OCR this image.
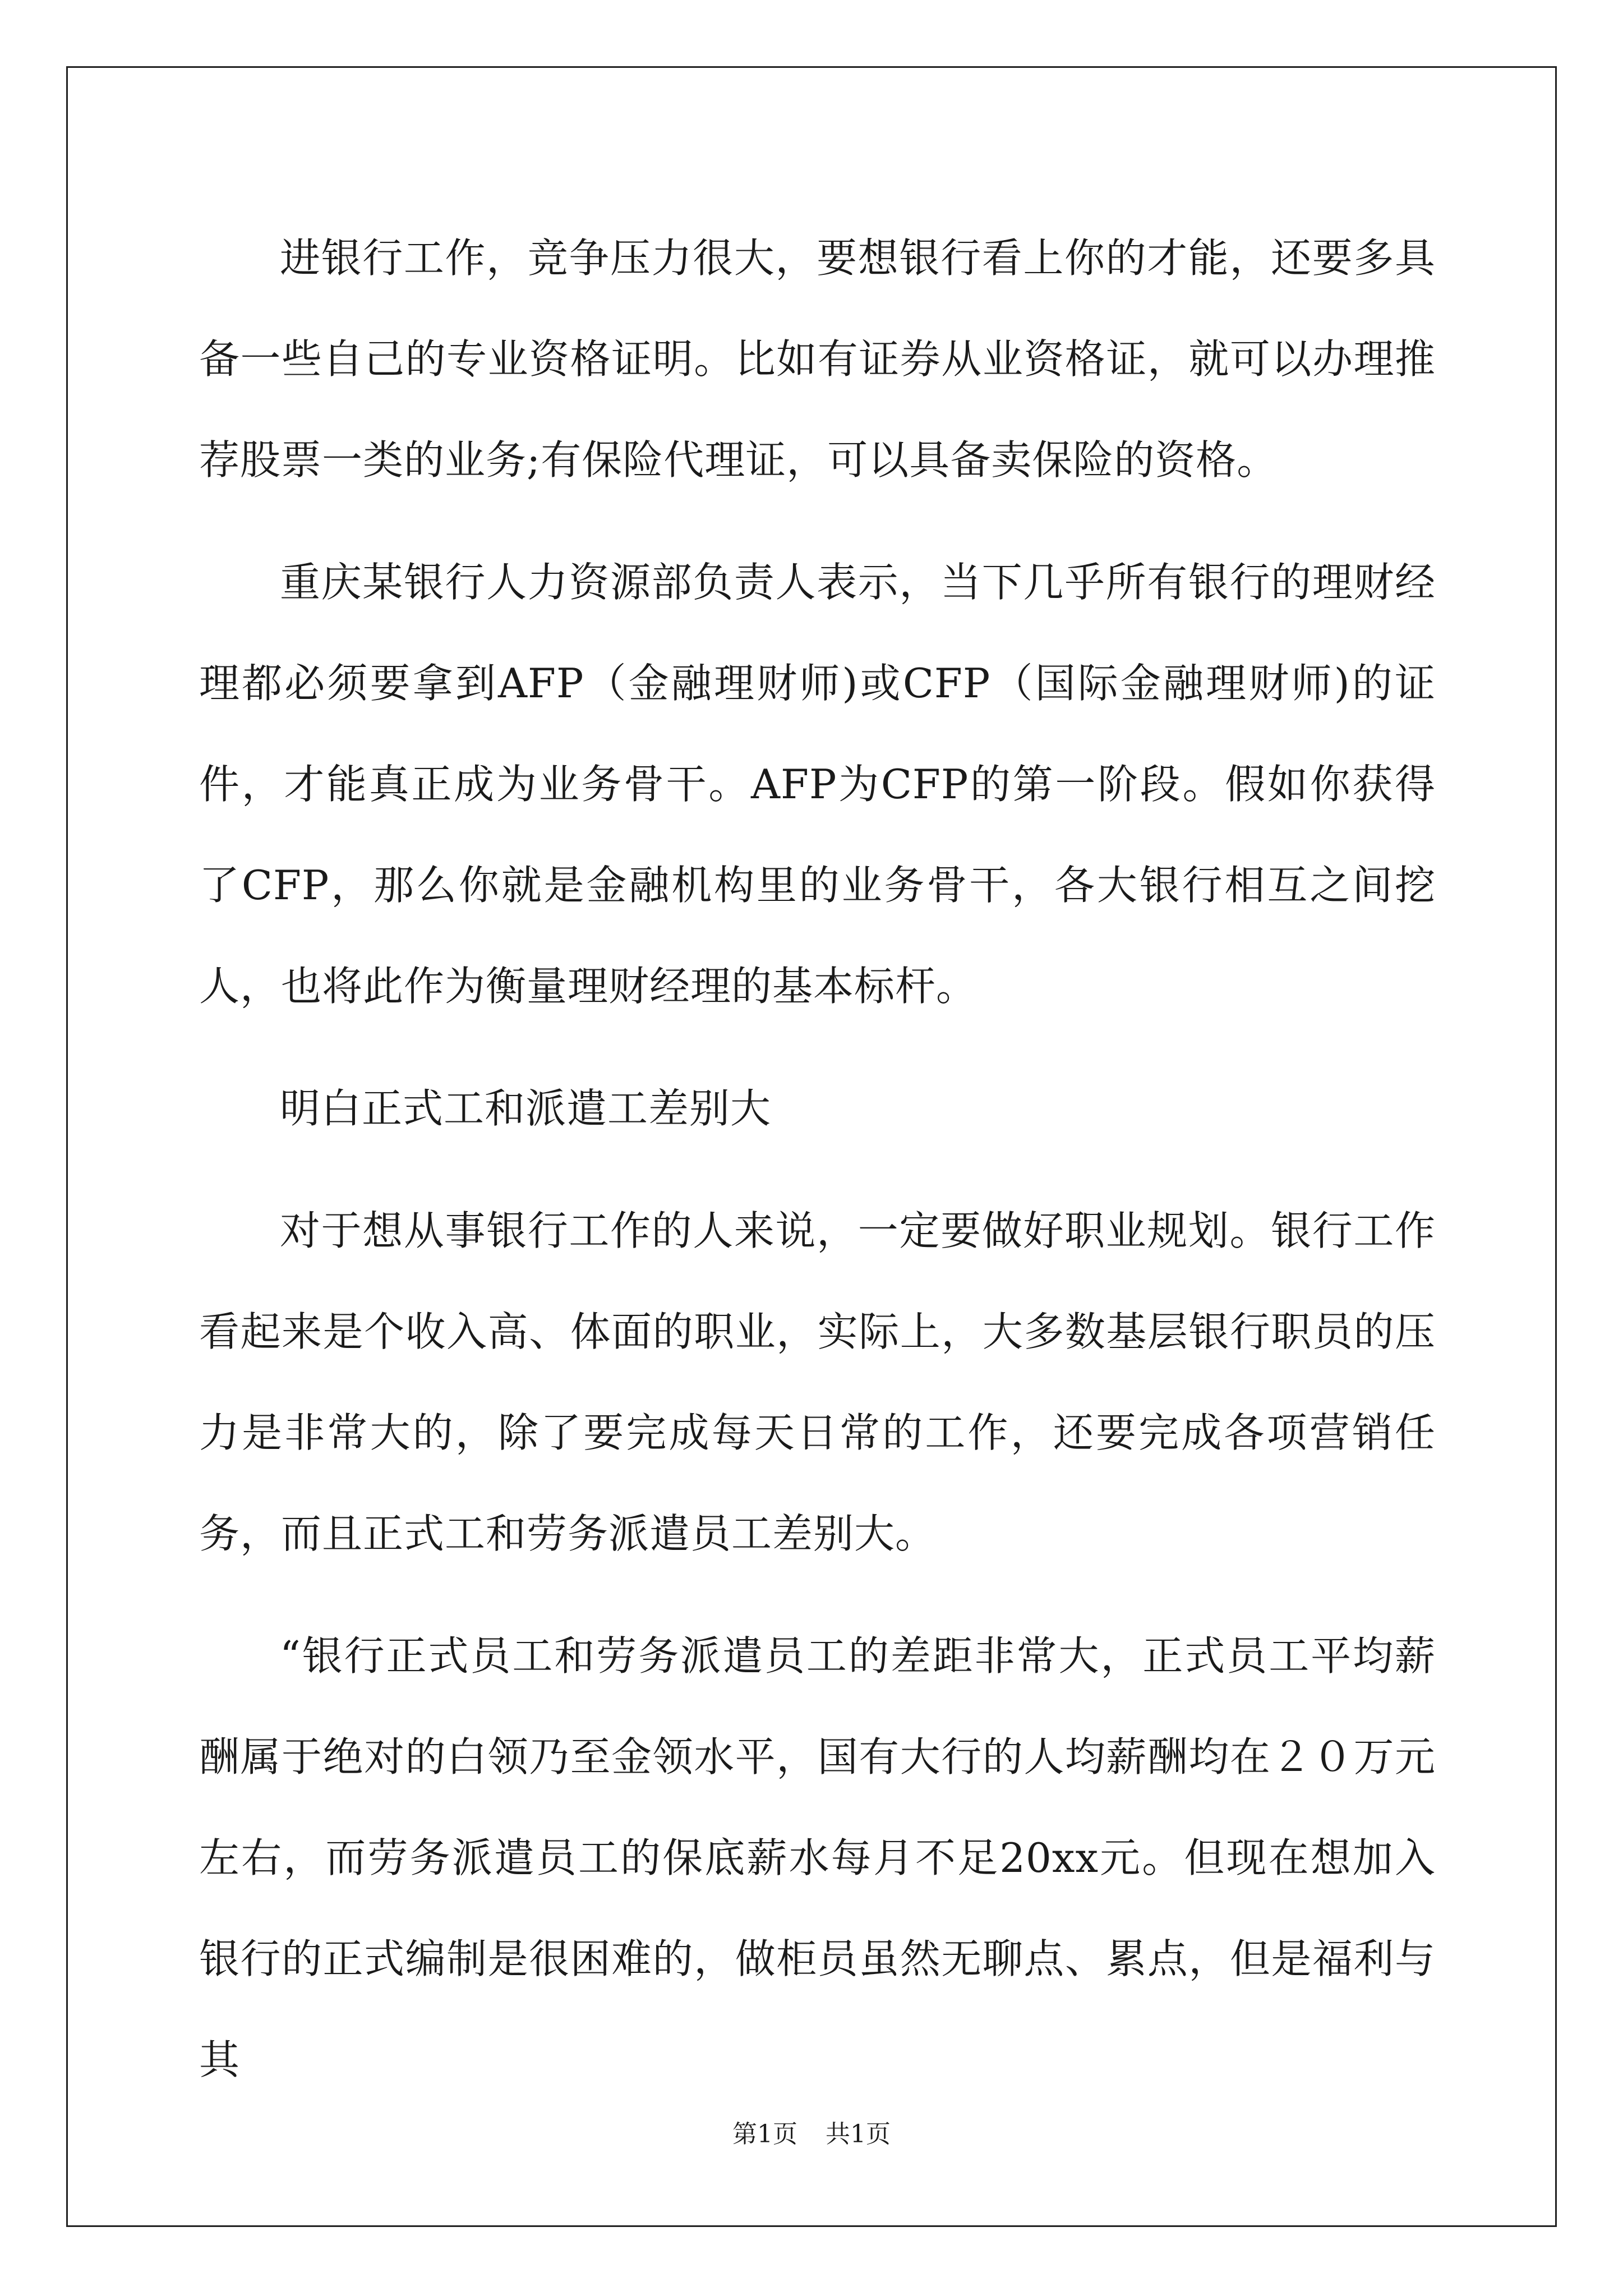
进银行工作，竞争压力很大，要想银行看上你的才能，还要多具备一些自己的专业资格证明。比如有证券从业资格证，就可以办理推荐股票一类的业务;有保险代理证，可以具备卖保险的资格。

重庆某银行人力资源部负责人表示，当下几乎所有银行的理财经理都必须要拿到AFP（金融理财师)或CFP（国际金融理财师)的证件，才能真正成为业务骨干。AFP为CFP的第一阶段。假如你获得了CFP，那么你就是金融机构里的业务骨干，各大银行相互之间挖人，也将此作为衡量理财经理的基本标杆。

明白正式工和派遣工差别大

对于想从事银行工作的人来说，一定要做好职业规划。银行工作看起来是个收入高、体面的职业，实际上，大多数基层银行职员的压力是非常大的，除了要完成每天日常的工作，还要完成各项营销任务，而且正式工和劳务派遣员工差别大。

“银行正式员工和劳务派遣员工的差距非常大，正式员工平均薪酬属于绝对的白领乃至金领水平，国有大行的人均薪酬均在２０万元左右，而劳务派遣员工的保底薪水每月不足20xx元。但现在想加入银行的正式编制是很困难的，做柜员虽然无聊点、累点，但是福利与其

第1页 共1页
